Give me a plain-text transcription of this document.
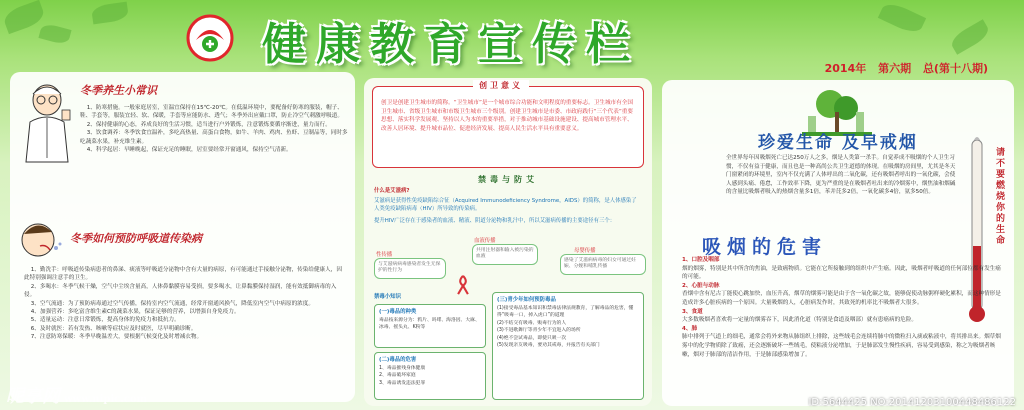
健康教育宣传栏	2014年 第六期 总(第十八期)
冬季养生小常识

1、防寒措施。一般家庭居室，室温宜保持在15℃-20℃。在低温环境中，要配备好防寒的服装，帽子、鞋、手套等，服装宜轻、软、保暖，手套等应能防水、透气；冬季外出应戴口罩，防止冷空气刺激呼吸道。

2、保持健康的心态，养成良好的生活习惯，适当进行户外锻炼，注意锻炼要循序渐进，量力而行。

3、饮食调养：冬季饮食宜温补，多吃高热量、高蛋白食物，如牛、羊肉、鸡肉、鱼虾、豆制品等，同时多吃蔬菜水果，补充维生素。

4、科学起居：早睡晚起，保证充足的睡眠，居室要经常开窗通风，保持空气清新。

冬季如何预防呼吸道传染病

1、勤洗手：呼吸道传染病患者的鼻涕、痰液等呼吸道分泌物中含有大量的病原，有可能通过手接触分泌物，传染给健康人，因此特别强调注意手的卫生。

2、多喝水：冬季气候干燥，空气中尘埃含量高，人体鼻黏膜容易受损，要多喝水，让鼻黏膜保持湿润，能有效抵御病毒的入侵。

3、空气流通：为了预防病毒通过空气传播，保持室内空气流通，经常开窗通风换气，降低室内空气中病原的浓度。

4、加强营养：多吃富含维生素C的蔬菜水果，保证足够的营养，以增强自身免疫力。

5、适量运动：注意日常锻炼，提高身体的免疫力和抵抗力。

6、及时就医：若有发热、咳嗽等症状应及时就医，尽早明确诊断。

7、注意防寒保暖：冬季早晚温差大，要根据气候变化及时增减衣物。

创卫意义
创卫是创建卫生城市的简称。“卫生城市”是一个城市综合功能和文明程度的重要标志。卫生城市有全国卫生城市、省级卫生城市和市级卫生城市三个级别。创建卫生城市是市委、市政府践行“三个代表”重要思想、落实科学发展观、坚持以人为本的重要举措，对于推动城市基础设施建设、提高城市管理水平、改善人居环境、提升城市品位、促进经济发展、提高人民生活水平具有重要意义。
禁毒与防艾
什么是艾滋病?
艾滋病是获得性免疫缺陷综合征（Acquired Immunodeficiency Syndrome，AIDS）的简称，是人体感染了人类免疫缺陷病毒（HIV）所导致的传染病。
提升HIV广泛存在于感染者的血液、精液、阴道分泌物和乳汁中，所以艾滋病传播的主要途径有三个：
性传播
与艾滋病病毒感染者发生无保护的性行为
血液传播
共用注射器和输入被污染的血液
母婴传播
感染了艾滋病病毒的妇女可通过妊娠、分娩和哺乳传播
禁毒小知识
(一)毒品的种类
毒品按来源分为：鸦片、吗啡、海洛因、大麻、冰毒、摇头丸、K粉等
(二)毒品的危害
1、毒品摧残身体健康
2、毒品破坏家庭
3、毒品诱发违法犯罪
(三)青少年如何预防毒品
(1)接受毒品基本知识和禁毒法律法规教育，了解毒品的危害，懂得“吸毒一口，掉入虎口”的道理
(2)不结交有吸毒、贩毒行为的人
(3)不进歌舞厅等青少年不宜进入的场所
(4)绝不尝试毒品，即使只吸一次
(5)发现亲友吸毒，要劝其戒毒，并报告有关部门
珍爱生命 及早戒烟	请不要燃烧你的生命
全世界每年因吸烟死亡已达250万人之多，烟是人类第一杀手。自觉养成不吸烟的个人卫生习惯，不仅有益于健康，而且也是一种高尚公共卫生道德的体现。在吸烟的房间里，尤其是冬天门窗紧闭的环境里，室内不仅充满了人体呼出的二氧化碳，还有吸烟者呼出的一氧化碳，会使人感到头痛、倦怠，工作效率下降，更为严重的是在吸烟者吐出来的冷烟雾中，烟焦油和烟碱的含量比吸烟者吸入的热烟含量多1倍，苯并芘多2倍，一氧化碳多4倍，氨多50倍。
吸烟的危害
1、口腔及咽部
烟的烟雾，特别是其中所含的焦油，是致癌物质。它能在它所接触到的组织中产生癌。因此，吸烟者呼吸道的任何部位都有发生癌的可能。
2、心脏与动脉
香烟中含有尼古丁能使心跳加快，血压升高，烟草的烟雾可能是由于含一氧化碳之故，能够促使动脉粥样硬化累积，而这种情形是造成许多心脏疾病的一个原因。大量吸烟的人，心脏病发作时，其致死的机率比不吸烟者大很多。
3、食道
大多数吸烟者喜欢将一定量的烟雾吞下，因此消化道（特别是食道及咽部）就有患癌病的危险。
4、肺
肺中排列于气道上的细毛，通常会将外来物从肺组织上排除，这些绒毛会连续将肺中的微粒扫入痰或粘液中，将其排出来。烟草烟雾中的化学物质除了致癌，还会逐渐破坏一些绒毛，使粘液分泌增加，于是肺部发生慢性疾病，容易受到感染，称之为吸烟者咳嗽，烟对于肺部的清洁作用，于是肺部感染增加了。
昵享网 www.nipic.com	ID:5644425 NO:20141203100448486122
